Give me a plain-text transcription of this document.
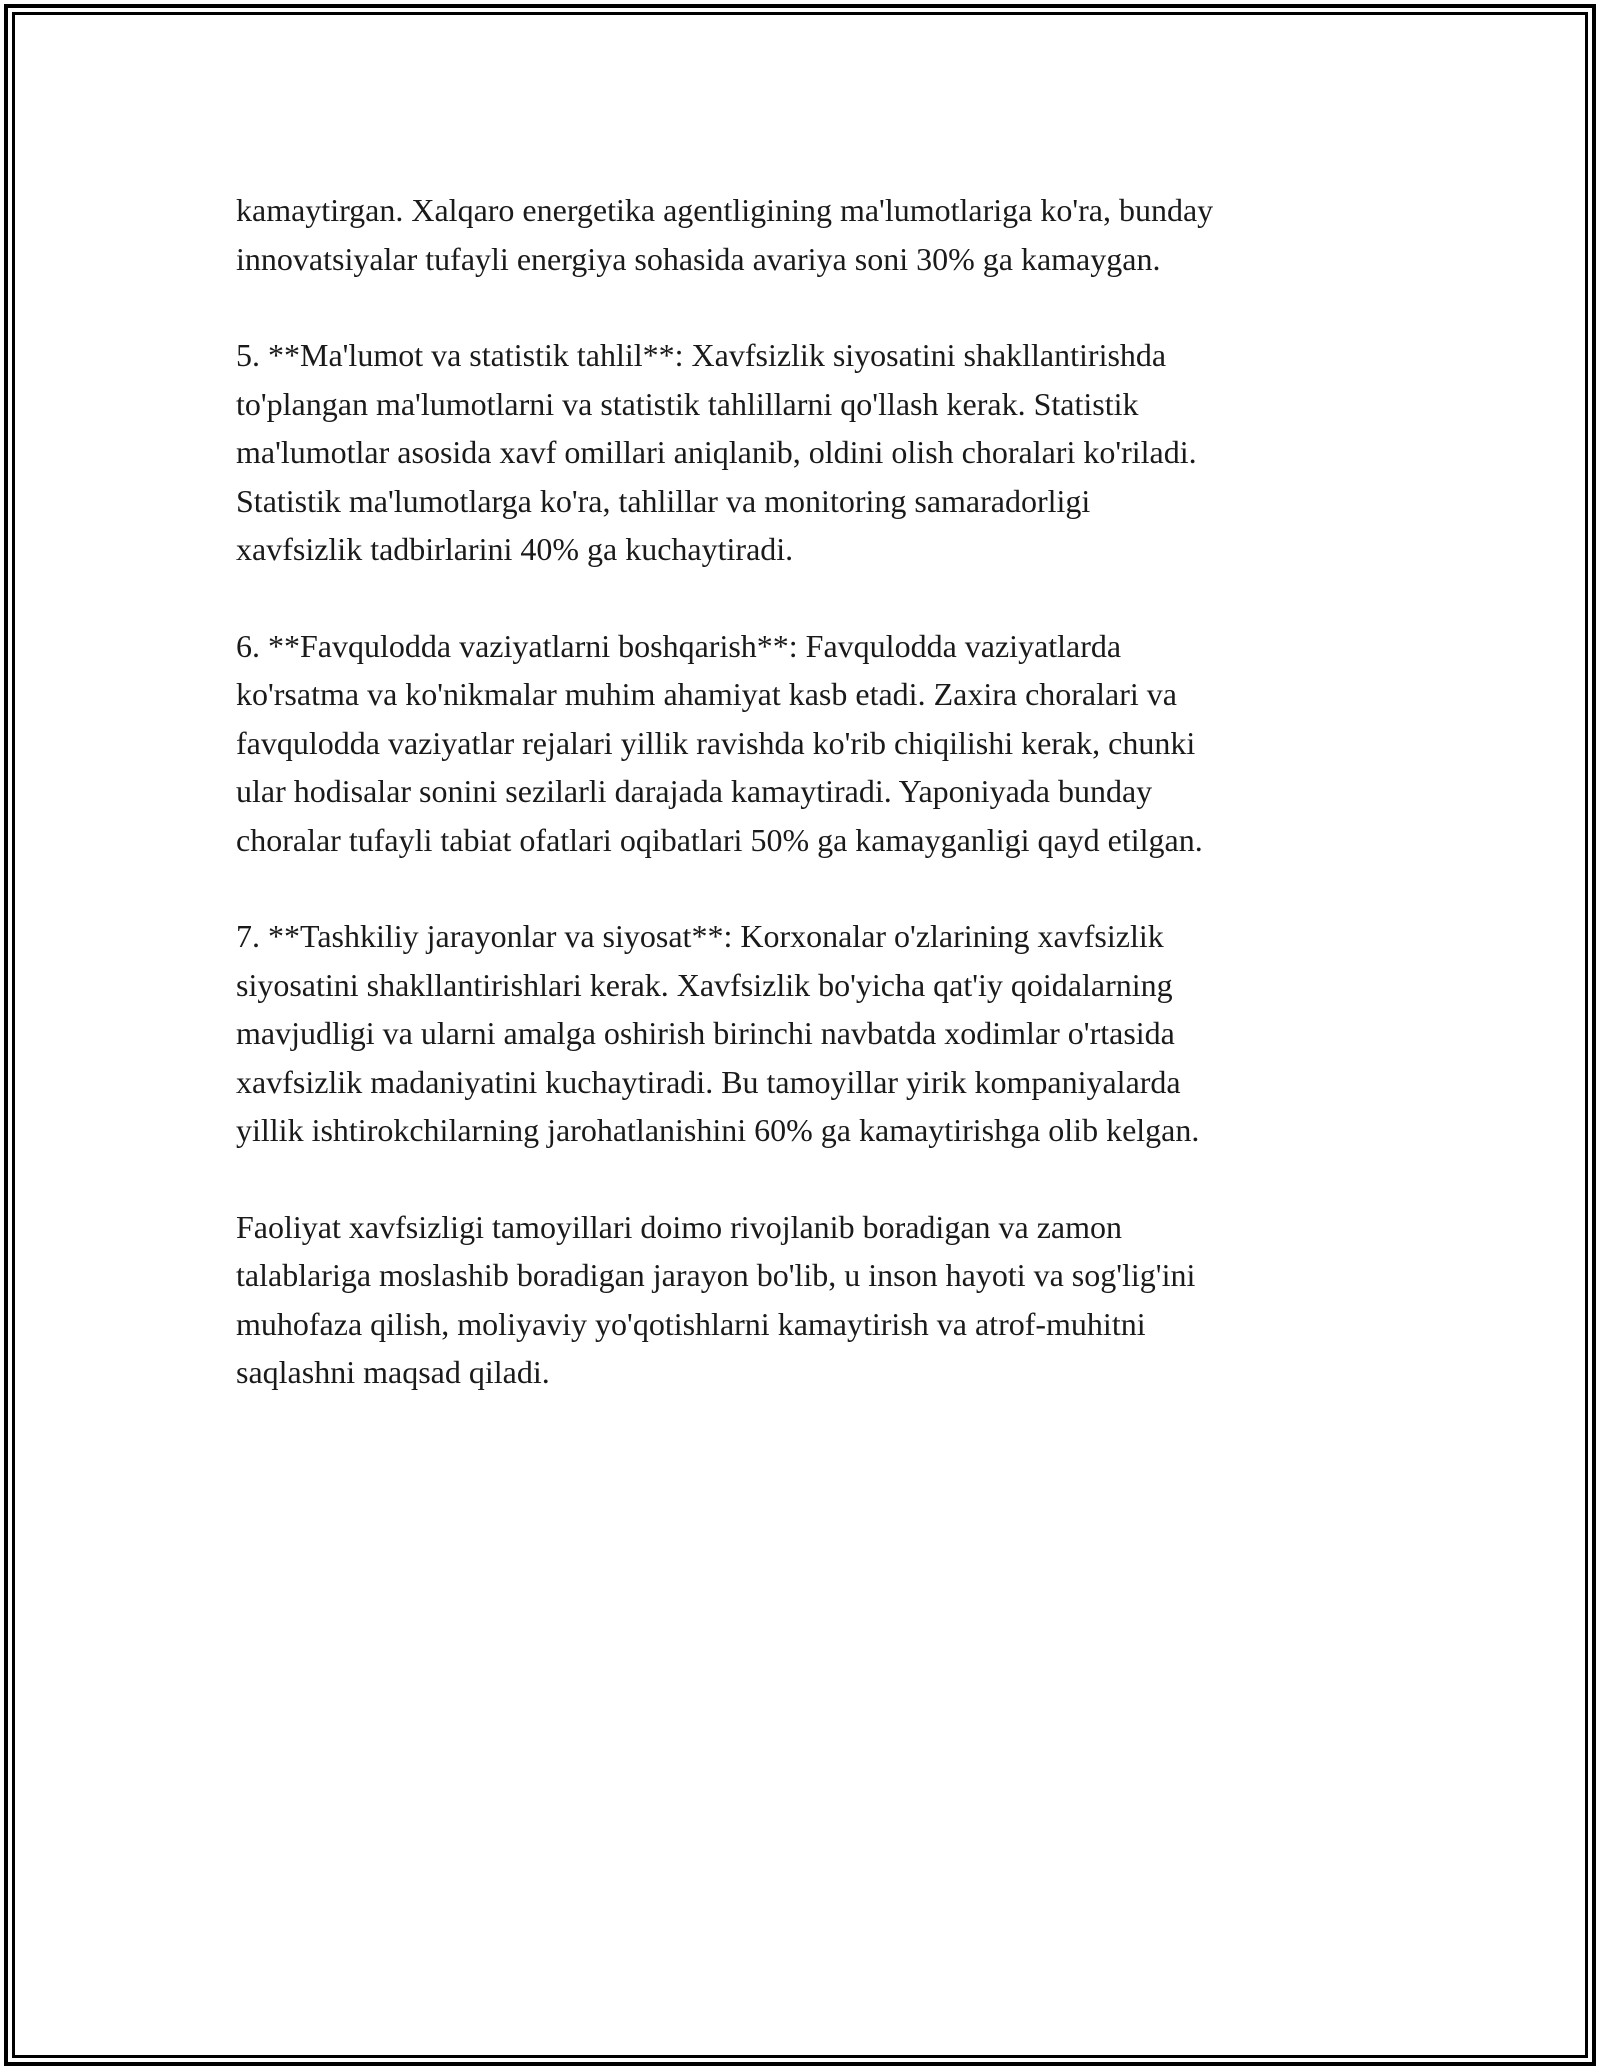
kamaytirgan. Xalqaro energetika agentligining ma'lumotlariga ko'ra, bunday
innovatsiyalar tufayli energiya sohasida avariya soni 30% ga kamaygan.

5. **Ma'lumot va statistik tahlil**: Xavfsizlik siyosatini shakllantirishda
to'plangan ma'lumotlarni va statistik tahlillarni qo'llash kerak. Statistik
ma'lumotlar asosida xavf omillari aniqlanib, oldini olish choralari ko'riladi.
Statistik ma'lumotlarga ko'ra, tahlillar va monitoring samaradorligi
xavfsizlik tadbirlarini 40% ga kuchaytiradi.

6. **Favqulodda vaziyatlarni boshqarish**: Favqulodda vaziyatlarda
ko'rsatma va ko'nikmalar muhim ahamiyat kasb etadi. Zaxira choralari va
favqulodda vaziyatlar rejalari yillik ravishda ko'rib chiqilishi kerak, chunki
ular hodisalar sonini sezilarli darajada kamaytiradi. Yaponiyada bunday
choralar tufayli tabiat ofatlari oqibatlari 50% ga kamayganligi qayd etilgan.

7. **Tashkiliy jarayonlar va siyosat**: Korxonalar o'zlarining xavfsizlik
siyosatini shakllantirishlari kerak. Xavfsizlik bo'yicha qat'iy qoidalarning
mavjudligi va ularni amalga oshirish birinchi navbatda xodimlar o'rtasida
xavfsizlik madaniyatini kuchaytiradi. Bu tamoyillar yirik kompaniyalarda
yillik ishtirokchilarning jarohatlanishini 60% ga kamaytirishga olib kelgan.

Faoliyat xavfsizligi tamoyillari doimo rivojlanib boradigan va zamon
talablariga moslashib boradigan jarayon bo'lib, u inson hayoti va sog'lig'ini
muhofaza qilish, moliyaviy yo'qotishlarni kamaytirish va atrof-muhitni
saqlashni maqsad qiladi.
